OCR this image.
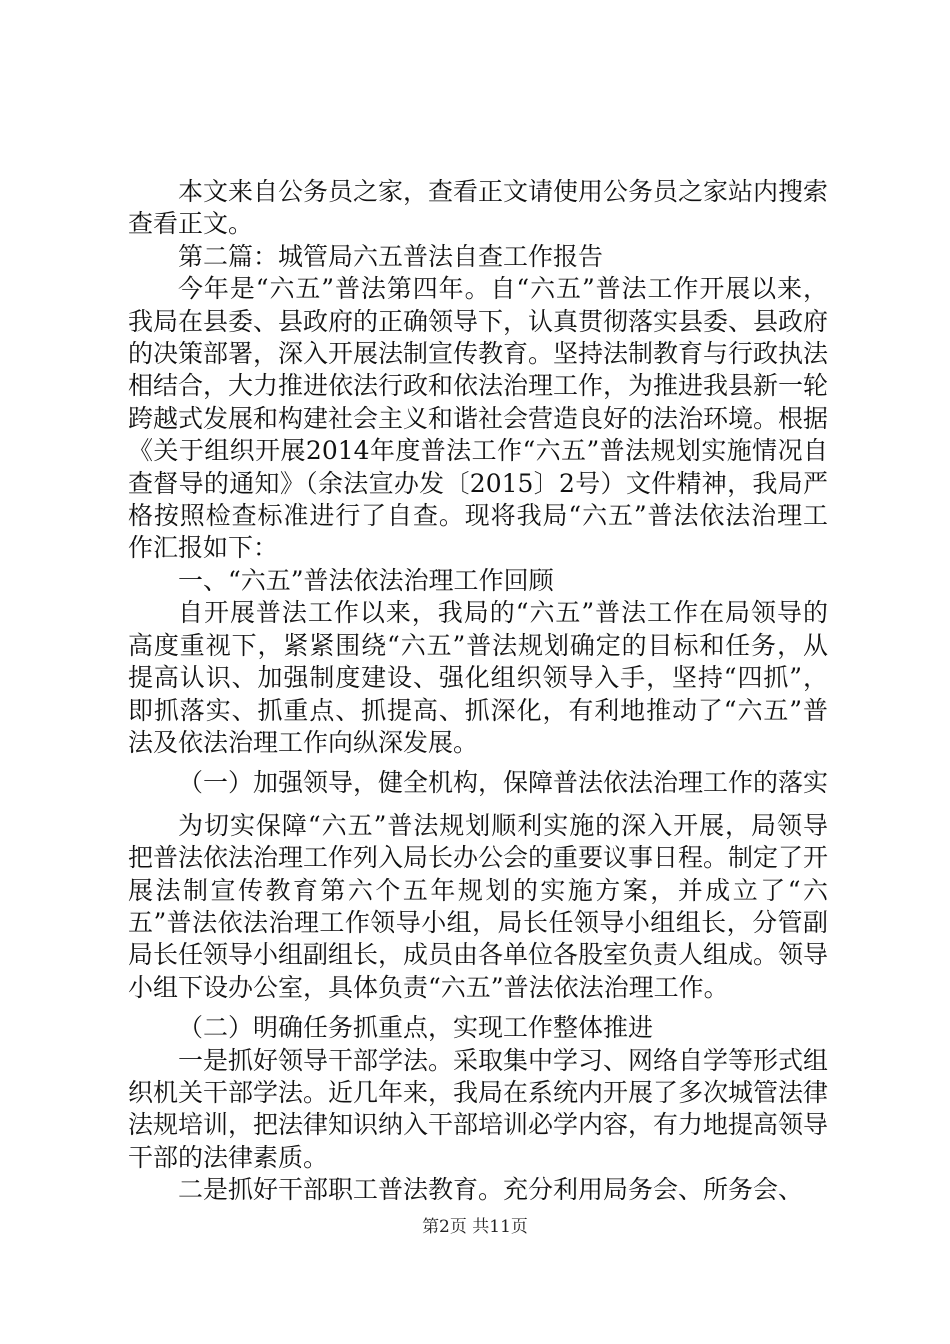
本文来自公务员之家，查看正文请使用公务员之家站内搜索查看正文。

第二篇：城管局六五普法自查工作报告

今年是“六五”普法第四年。自“六五”普法工作开展以来，我局在县委、县政府的正确领导下，认真贯彻落实县委、县政府的决策部署，深入开展法制宣传教育。坚持法制教育与行政执法相结合，大力推进依法行政和依法治理工作，为推进我县新一轮跨越式发展和构建社会主义和谐社会营造良好的法治环境。根据《关于组织开展2014年度普法工作“六五”普法规划实施情况自查督导的通知》（余法宣办发〔2015〕2号）文件精神，我局严格按照检查标准进行了自查。现将我局“六五”普法依法治理工作汇报如下：

一、“六五”普法依法治理工作回顾

自开展普法工作以来，我局的“六五”普法工作在局领导的高度重视下，紧紧围绕“六五”普法规划确定的目标和任务，从提高认识、加强制度建设、强化组织领导入手，坚持“四抓”，即抓落实、抓重点、抓提高、抓深化，有利地推动了“六五”普法及依法治理工作向纵深发展。

（一）加强领导，健全机构，保障普法依法治理工作的落实

为切实保障“六五”普法规划顺利实施的深入开展，局领导把普法依法治理工作列入局长办公会的重要议事日程。制定了开展法制宣传教育第六个五年规划的实施方案，并成立了“六五”普法依法治理工作领导小组，局长任领导小组组长，分管副局长任领导小组副组长，成员由各单位各股室负责人组成。领导小组下设办公室，具体负责“六五”普法依法治理工作。

（二）明确任务抓重点，实现工作整体推进

一是抓好领导干部学法。采取集中学习、网络自学等形式组织机关干部学法。近几年来，我局在系统内开展了多次城管法律法规培训，把法律知识纳入干部培训必学内容，有力地提高领导干部的法律素质。

二是抓好干部职工普法教育。充分利用局务会、所务会、

第2页 共11页
